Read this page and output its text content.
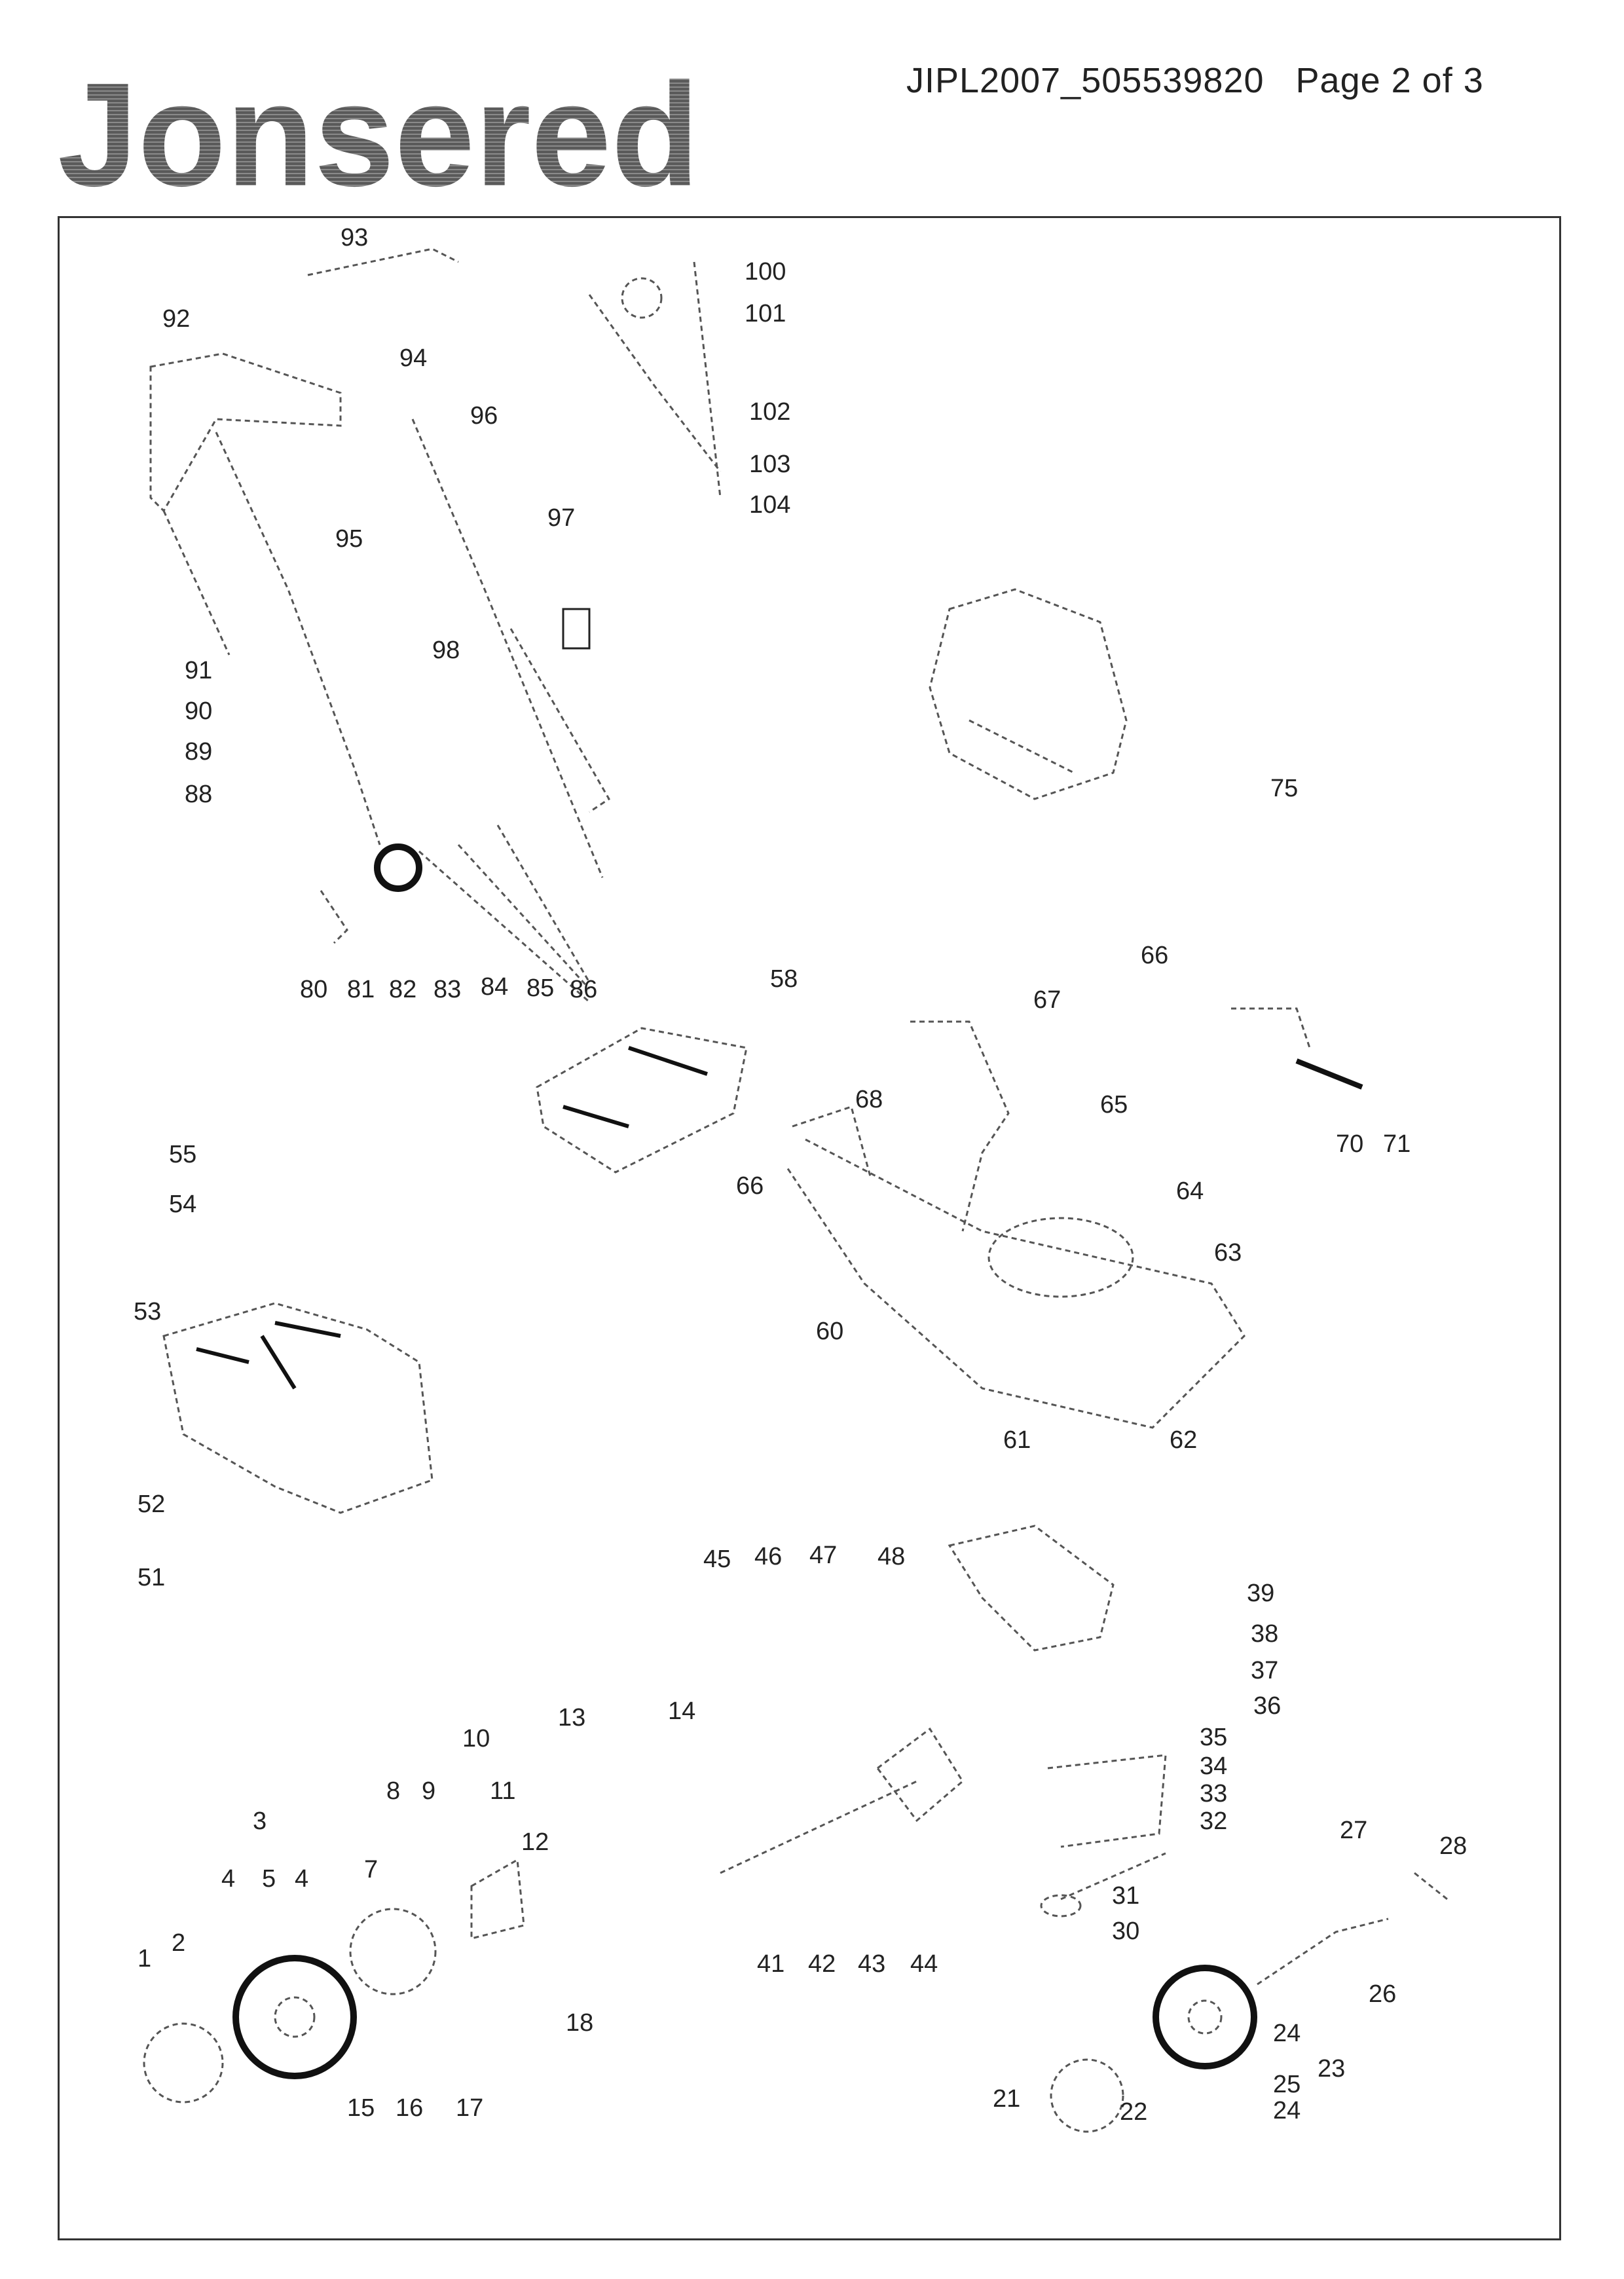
Jonsered	JIPL2007_505539820 Page 2 of 3
93
100
101
92
94
96	102
103
104
97
95
98
91
90
89
88	75
80 81 82 83 84 85 86	58
66
67
68	65
70 71
55
54
66	64
63
53
60
61	62
52
51
45 46 47 48
39
38
37
36
10
13	14
35
34
33
32
8 9 11
3
12	27
28
4 5 4 7
31
30
1
2
41 42 43 44
26
18	24
23
15 16 17	21	22
25
24
